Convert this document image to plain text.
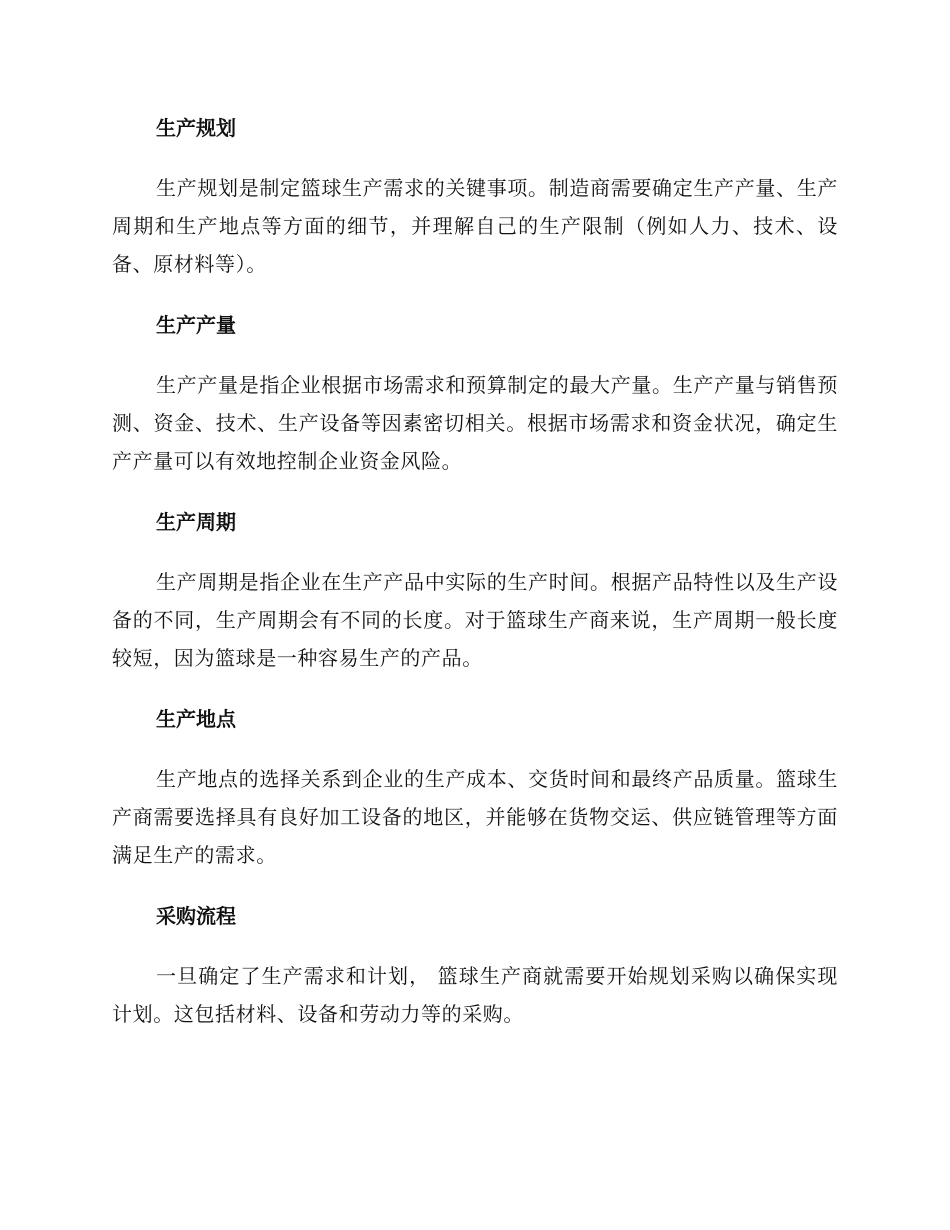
生产规划

生产规划是制定篮球生产需求的关键事项。制造商需要确定生产产量、生产周期和生产地点等方面的细节，并理解自己的生产限制（例如人力、技术、设备、原材料等）。

生产产量

生产产量是指企业根据市场需求和预算制定的最大产量。生产产量与销售预测、资金、技术、生产设备等因素密切相关。根据市场需求和资金状况，确定生产产量可以有效地控制企业资金风险。

生产周期

生产周期是指企业在生产产品中实际的生产时间。根据产品特性以及生产设备的不同，生产周期会有不同的长度。对于篮球生产商来说，生产周期一般长度较短，因为篮球是一种容易生产的产品。

生产地点

生产地点的选择关系到企业的生产成本、交货时间和最终产品质量。篮球生产商需要选择具有良好加工设备的地区，并能够在货物交运、供应链管理等方面满足生产的需求。

采购流程

一旦确定了生产需求和计划， 篮球生产商就需要开始规划采购以确保实现计划。这包括材料、设备和劳动力等的采购。
